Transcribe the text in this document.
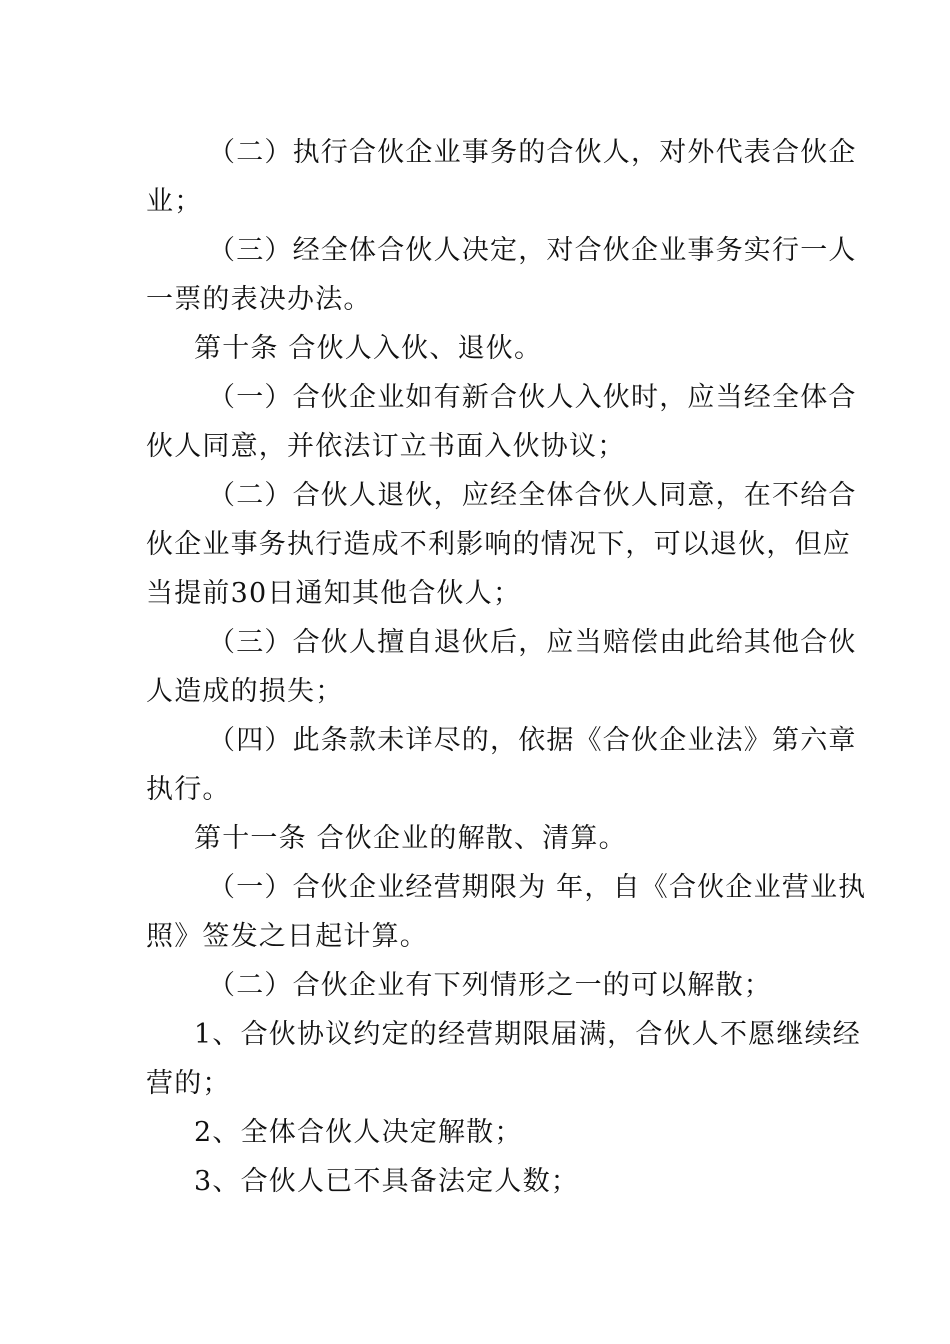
（二）执行合伙企业事务的合伙人，对外代表合伙企

业；

（三）经全体合伙人决定，对合伙企业事务实行一人

一票的表决办法。

第十条 合伙人入伙、退伙。

（一）合伙企业如有新合伙人入伙时，应当经全体合

伙人同意，并依法订立书面入伙协议；

（二）合伙人退伙，应经全体合伙人同意，在不给合

伙企业事务执行造成不利影响的情况下，可以退伙，但应

当提前30日通知其他合伙人；

（三）合伙人擅自退伙后，应当赔偿由此给其他合伙

人造成的损失；

（四）此条款未详尽的，依据《合伙企业法》第六章

执行。

第十一条 合伙企业的解散、清算。

（一）合伙企业经营期限为 年，自《合伙企业营业执

照》签发之日起计算。

（二）合伙企业有下列情形之一的可以解散；

1、合伙协议约定的经营期限届满，合伙人不愿继续经

营的；

2、全体合伙人决定解散；

3、合伙人已不具备法定人数；
